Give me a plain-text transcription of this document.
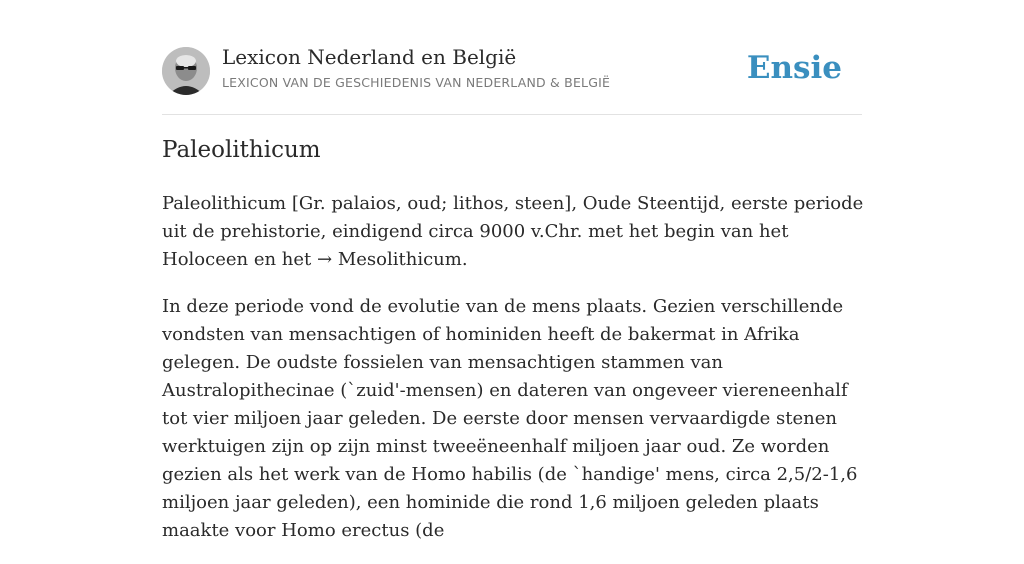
Lexicon Nederland en België
LEXICON VAN DE GESCHIEDENIS VAN NEDERLAND & BELGIË	Ensie
Paleolithicum

Paleolithicum [Gr. palaios, oud; lithos, steen], Oude Steentijd, eerste periode uit de prehistorie, eindigend circa 9000 v.Chr. met het begin van het Holoceen en het → Mesolithicum.

In deze periode vond de evolutie van de mens plaats. Gezien verschillende vondsten van mensachtigen of hominiden heeft de bakermat in Afrika gelegen. De oudste fossielen van mensachtigen stammen van Australopithecinae (`zuid'-mensen) en dateren van ongeveer viereneenhalf tot vier miljoen jaar geleden. De eerste door mensen vervaardigde stenen werktuigen zijn op zijn minst tweeëneenhalf miljoen jaar oud. Ze worden gezien als het werk van de Homo habilis (de `handige' mens, circa 2,5/2-1,6 miljoen jaar geleden), een hominide die rond 1,6 miljoen geleden plaats maakte voor Homo erectus (de
